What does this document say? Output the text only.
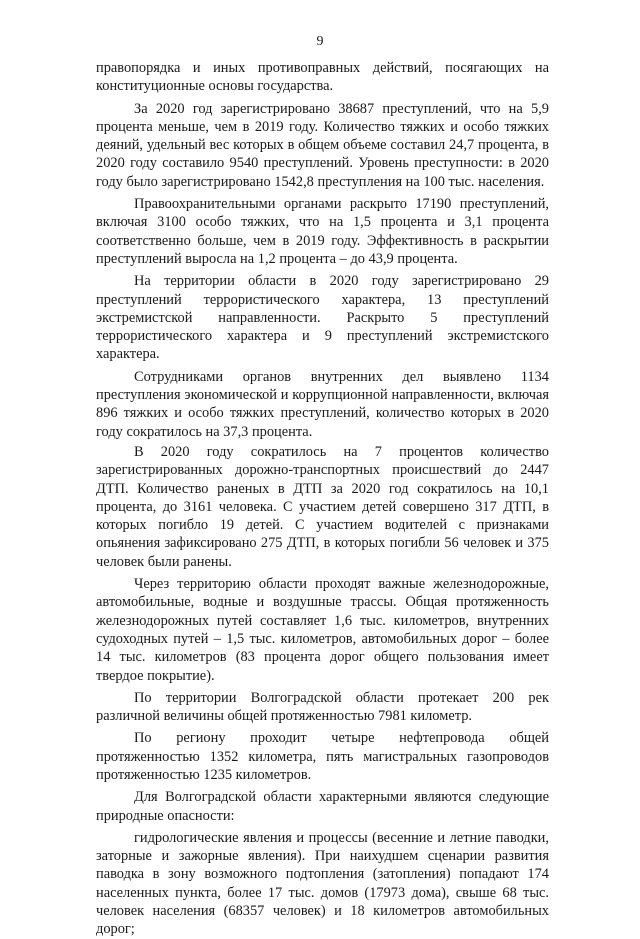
9

правопорядка и иных противоправных действий, посягающих на конституционные основы государства.

За 2020 год зарегистрировано 38687 преступлений, что на 5,9 процента меньше, чем в 2019 году. Количество тяжких и особо тяжких деяний, удельный вес которых в общем объеме составил 24,7 процента, в 2020 году составило 9540 преступлений. Уровень преступности: в 2020 году было зарегистрировано 1542,8 преступления на 100 тыс. населения.

Правоохранительными органами раскрыто 17190 преступлений, включая 3100 особо тяжких, что на 1,5 процента и 3,1 процента соответственно больше, чем в 2019 году. Эффективность в раскрытии преступлений выросла на 1,2 процента – до 43,9 процента.

На территории области в 2020 году зарегистрировано 29 преступлений террористического характера, 13 преступлений экстремистской направленности. Раскрыто 5 преступлений террористического характера и 9 преступлений экстремистского характера.

Сотрудниками органов внутренних дел выявлено 1134 преступления экономической и коррупционной направленности, включая 896 тяжких и особо тяжких преступлений, количество которых в 2020 году сократилось на 37,3 процента.

В 2020 году сократилось на 7 процентов количество зарегистрированных дорожно-транспортных происшествий до 2447 ДТП. Количество раненых в ДТП за 2020 год сократилось на 10,1 процента, до 3161 человека. С участием детей совершено 317 ДТП, в которых погибло 19 детей. С участием водителей с признаками опьянения зафиксировано 275 ДТП, в которых погибли 56 человек и 375 человек были ранены.

Через территорию области проходят важные железнодорожные, автомобильные, водные и воздушные трассы. Общая протяженность железнодорожных путей составляет 1,6 тыс. километров, внутренних судоходных путей – 1,5 тыс. километров, автомобильных дорог – более 14 тыс. километров (83 процента дорог общего пользования имеет твердое покрытие).

По территории Волгоградской области протекает 200 рек различной величины общей протяженностью 7981 километр.

По региону проходит четыре нефтепровода общей протяженностью 1352 километра, пять магистральных газопроводов протяженностью 1235 километров.

Для Волгоградской области характерными являются следующие природные опасности:

гидрологические явления и процессы (весенние и летние паводки, заторные и зажорные явления). При наихудшем сценарии развития паводка в зону возможного подтопления (затопления) попадают 174 населенных пункта, более 17 тыс. домов (17973 дома), свыше 68 тыс. человек населения (68357 человек) и 18 километров автомобильных дорог;
